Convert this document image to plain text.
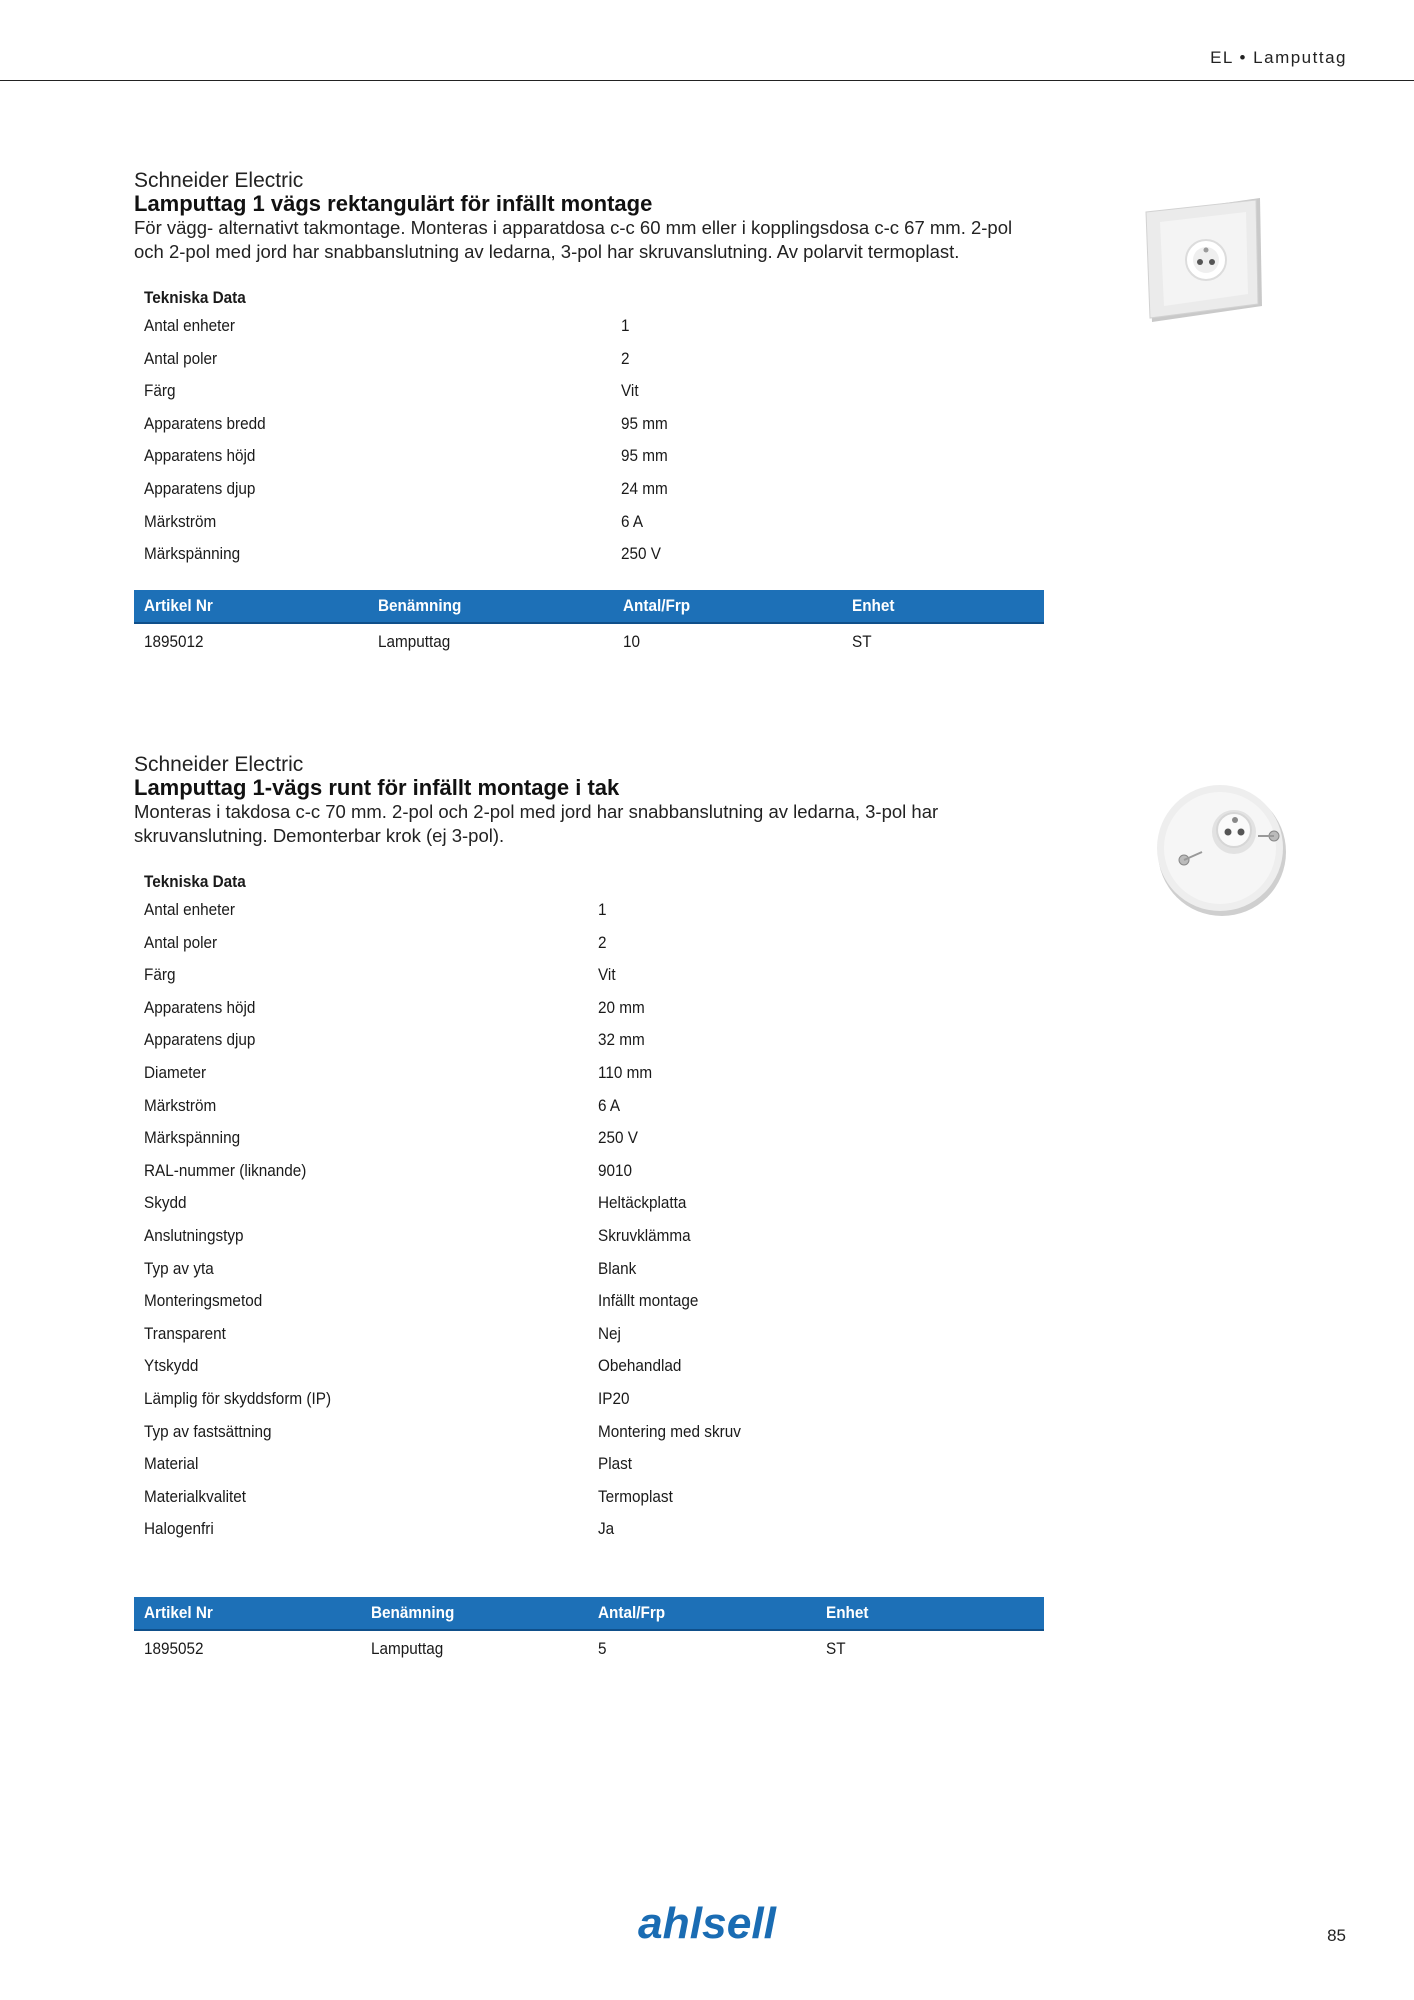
EL • Lamputtag
Schneider Electric
Lamputtag 1 vägs rektangulärt för infällt montage
För vägg- alternativt takmontage. Monteras i apparatdosa c-c 60 mm eller i kopplingsdosa c-c 67 mm. 2-pol och 2-pol med jord har snabbanslutning av ledarna, 3-pol har skruvanslutning. Av polarvit termoplast.
Tekniska Data
Antal enheter	1
Antal poler	2
Färg	Vit
Apparatens bredd	95 mm
Apparatens höjd	95 mm
Apparatens djup	24 mm
Märkström	6 A
Märkspänning	250 V
Artikel Nr	Benämning	Antal/Frp	Enhet
1895012	Lamputtag	10	ST
Schneider Electric
Lamputtag 1-vägs runt för infällt montage i tak
Monteras i takdosa c-c 70 mm. 2-pol och 2-pol med jord har snabbanslutning av ledarna, 3-pol har skruvanslutning. Demonterbar krok (ej 3-pol).
Tekniska Data
Antal enheter	1
Antal poler	2
Färg	Vit
Apparatens höjd	20 mm
Apparatens djup	32 mm
Diameter	110 mm
Märkström	6 A
Märkspänning	250 V
RAL-nummer (liknande)	9010
Skydd	Heltäckplatta
Anslutningstyp	Skruvklämma
Typ av yta	Blank
Monteringsmetod	Infällt montage
Transparent	Nej
Ytskydd	Obehandlad
Lämplig för skyddsform (IP)	IP20
Typ av fastsättning	Montering med skruv
Material	Plast
Materialkvalitet	Termoplast
Halogenfri	Ja
Artikel Nr	Benämning	Antal/Frp	Enhet
1895052	Lamputtag	5	ST
ahlsell	85
